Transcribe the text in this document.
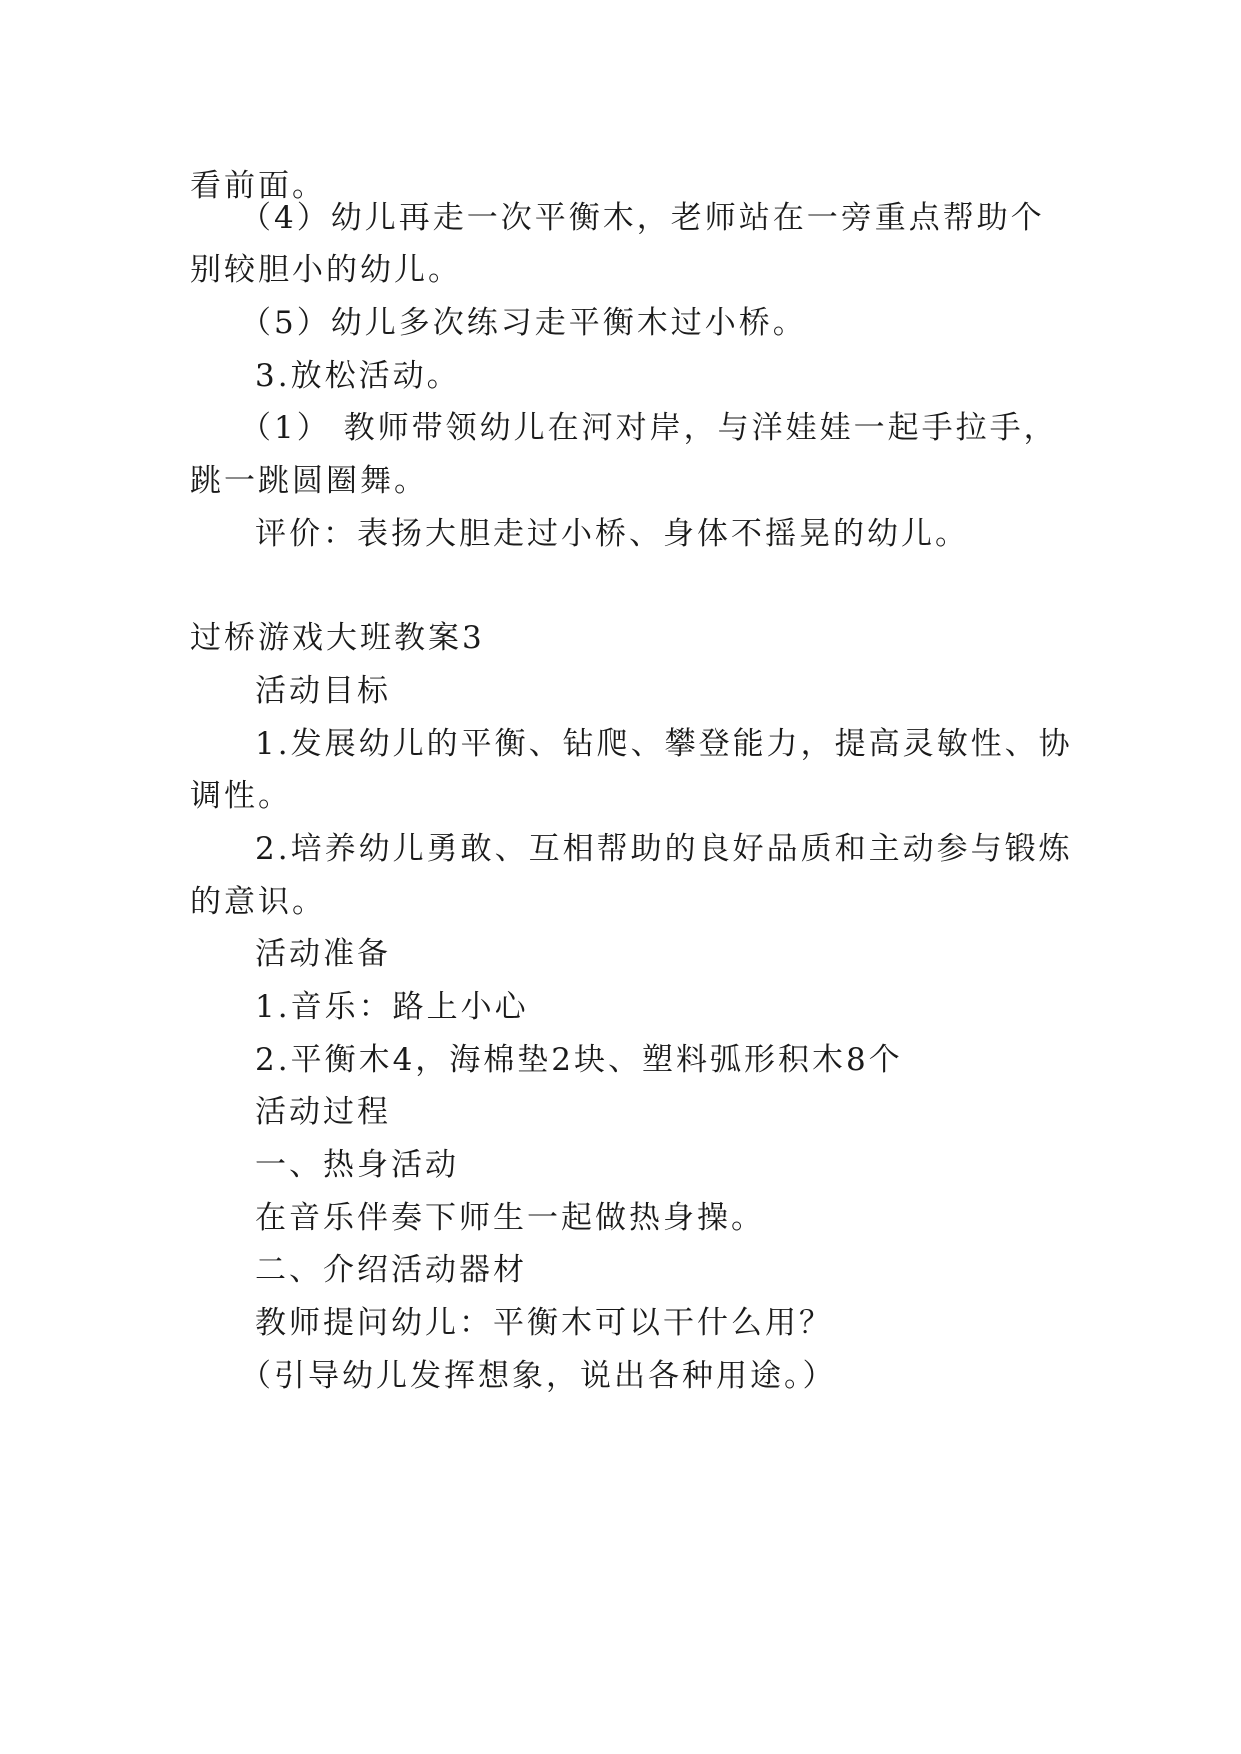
看前面。
（4）幼儿再走一次平衡木，老师站在一旁重点帮助个
别较胆小的幼儿。
（5）幼儿多次练习走平衡木过小桥。
3.放松活动。
（1） 教师带领幼儿在河对岸，与洋娃娃一起手拉手，
跳一跳圆圈舞。
评价：表扬大胆走过小桥、身体不摇晃的幼儿。
过桥游戏大班教案3
活动目标
1.发展幼儿的平衡、钻爬、攀登能力，提高灵敏性、协
调性。
2.培养幼儿勇敢、互相帮助的良好品质和主动参与锻炼
的意识。
活动准备
1.音乐：路上小心
2.平衡木4，海棉垫2块、塑料弧形积木8个
活动过程
一、热身活动
在音乐伴奏下师生一起做热身操。
二、介绍活动器材
教师提问幼儿：平衡木可以干什么用？
（引导幼儿发挥想象，说出各种用途。）
